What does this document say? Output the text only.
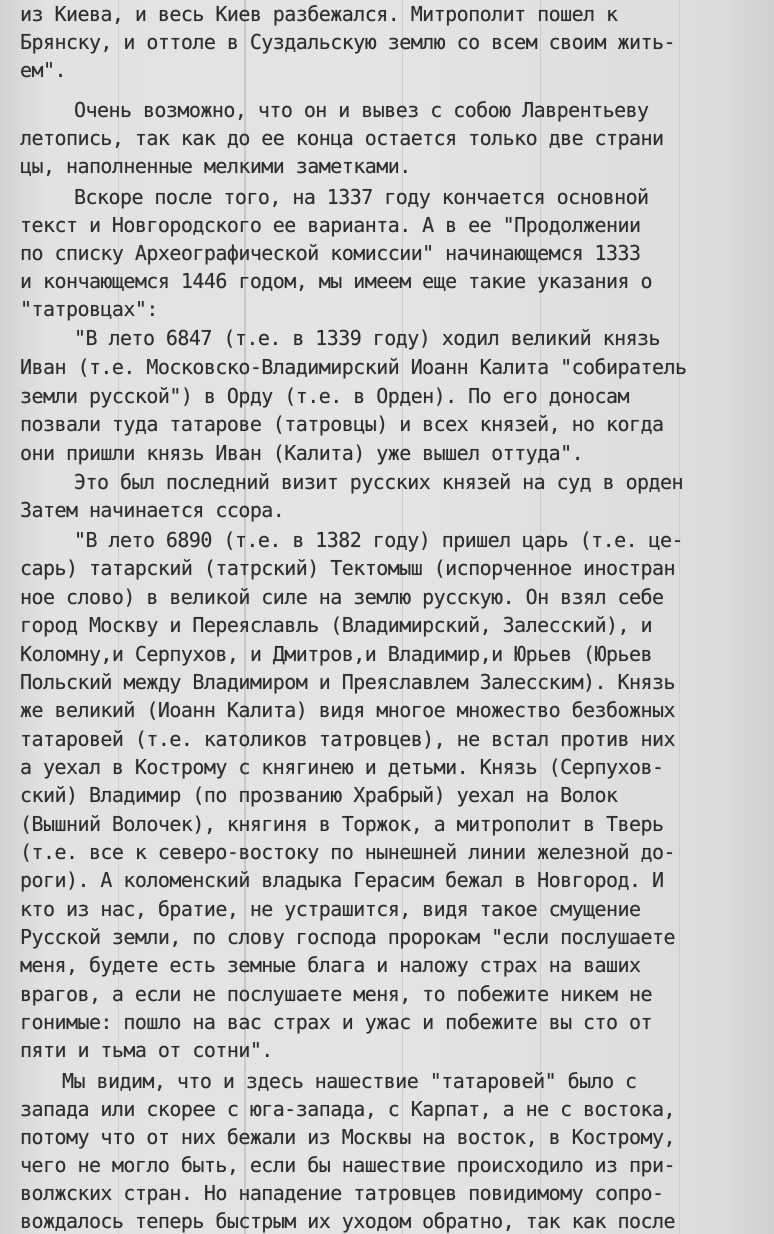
из Киева, и весь Киев разбежался. Митрополит пошел к
Брянску, и оттоле в Суздальскую землю со всем своим жить-
ем".
Очень возможно, что он и вывез с собою Лаврентьеву
летопись, так как до ее конца остается только две страни
цы, наполненные мелкими заметками.
Вскоре после того, на 1337 году кончается основной
текст и Новгородского ее варианта. А в ее "Продолжении
по списку Археографической комиссии" начинающемся 1333
и кончающемся 1446 годом, мы имеем еще такие указания о
"татровцах":
"В лето 6847 (т.е. в 1339 году) ходил великий князь
Иван (т.е. Московско-Владимирский Иоанн Калита "собиратель
земли русской") в Орду (т.е. в Орден). По его доносам
позвали туда татарове (татровцы) и всех князей, но когда
они пришли князь Иван (Калита) уже вышел оттуда".
Это был последний визит русских князей на суд в орден
Затем начинается ссора.
"В лето 6890 (т.е. в 1382 году) пришел царь (т.е. це-
сарь) татарский (татрский) Тектомыш (испорченное иностран
ное слово) в великой силе на землю русскую. Он взял себе
город Москву и Переяславль (Владимирский, Залесский), и
Коломну,и Серпухов, и Дмитров,и Владимир,и Юрьев (Юрьев
Польский между Владимиром и Преяславлем Залесским). Князь
же великий (Иоанн Калита) видя многое множество безбожных
татаровей (т.е. католиков татровцев), не встал против них
а уехал в Кострому с княгинею и детьми. Князь (Серпухов-
ский) Владимир (по прозванию Храбрый) уехал на Волок
(Вышний Волочек), княгиня в Торжок, а митрополит в Тверь
(т.е. все к северо-востоку по нынешней линии железной до-
роги). А коломенский владыка Герасим бежал в Новгород. И
кто из нас, братие, не устрашится, видя такое смущение
Русской земли, по слову господа пророкам "если послушаете
меня, будете есть земные блага и наложу страх на ваших
врагов, а если не послушаете меня, то побежите никем не
гонимые: пошло на вас страх и ужас и побежите вы сто от
пяти и тьма от сотни".
Мы видим, что и здесь нашествие "татаровей" было с
запада или скорее с юга-запада, с Карпат, а не с востока,
потому что от них бежали из Москвы на восток, в Кострому,
чего не могло быть, если бы нашествие происходило из при-
волжских стран. Но нападение татровцев повидимому сопро-
вождалось теперь быстрым их уходом обратно, так как после
